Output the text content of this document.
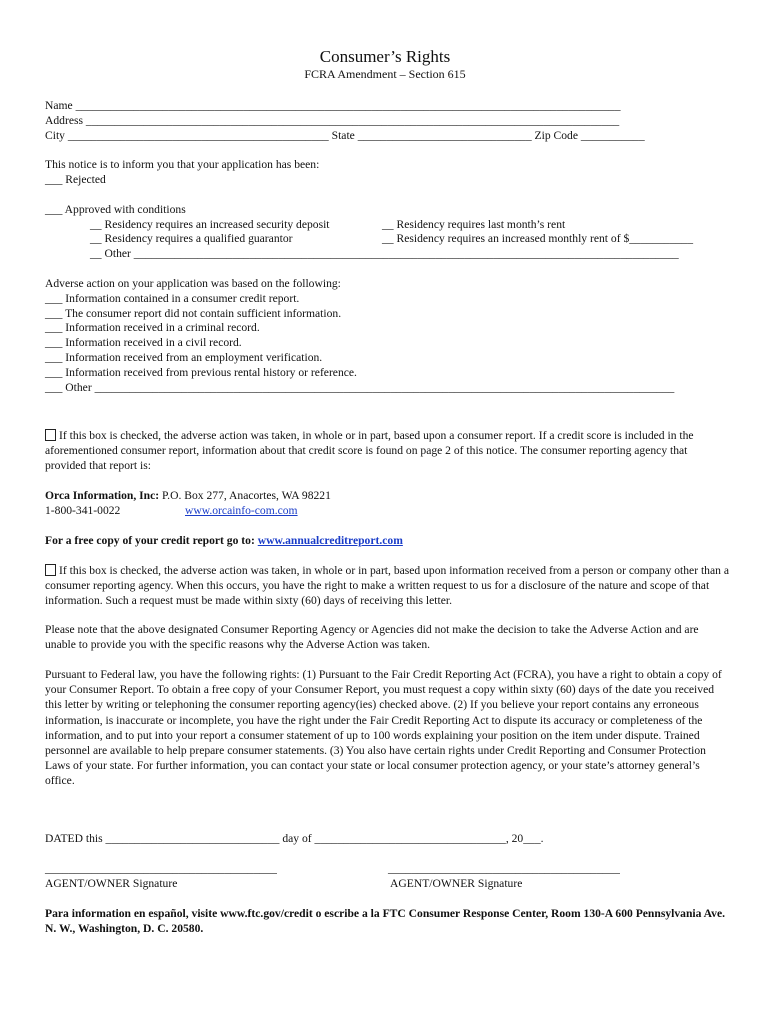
Consumer’s Rights
FCRA Amendment – Section 615
Name ______________________________________________________________________________________________
Address ____________________________________________________________________________________________
City _____________________________________________ State ______________________________ Zip Code ___________
This notice is to inform you that your application has been:
___ Rejected
___ Approved with conditions
__ Residency requires an increased security deposit	__ Residency requires last month’s rent
__ Residency requires a qualified guarantor	__ Residency requires an increased monthly rent of $___________
__ Other ______________________________________________________________________________________________
Adverse action on your application was based on the following:
___ Information contained in a consumer credit report.
___ The consumer report did not contain sufficient information.
___ Information received in a criminal record.
___ Information received in a civil record.
___ Information received from an employment verification.
___ Information received from previous rental history or reference.
___ Other ____________________________________________________________________________________________________
If this box is checked, the adverse action was taken, in whole or in part, based upon a consumer report. If a credit score is included in the aforementioned consumer report, information about that credit score is found on page 2 of this notice. The consumer reporting agency that provided that report is:
Orca Information, Inc: P.O. Box 277, Anacortes, WA 98221
1-800-341-0022	www.orcainfo-com.com
For a free copy of your credit report go to: www.annualcreditreport.com
If this box is checked, the adverse action was taken, in whole or in part, based upon information received from a person or company other than a consumer reporting agency. When this occurs, you have the right to make a written request to us for a disclosure of the nature and scope of that information. Such a request must be made within sixty (60) days of receiving this letter.
Please note that the above designated Consumer Reporting Agency or Agencies did not make the decision to take the Adverse Action and are unable to provide you with the specific reasons why the Adverse Action was taken.
Pursuant to Federal law, you have the following rights: (1) Pursuant to the Fair Credit Reporting Act (FCRA), you have a right to obtain a copy of your Consumer Report. To obtain a free copy of your Consumer Report, you must request a copy within sixty (60) days of the date you received this letter by writing or telephoning the consumer reporting agency(ies) checked above. (2) If you believe your report contains any erroneous information, is inaccurate or incomplete, you have the right under the Fair Credit Reporting Act to dispute its accuracy or completeness of the information, and to put into your report a consumer statement of up to 100 words explaining your position on the item under dispute. Trained personnel are available to help prepare consumer statements. (3) You also have certain rights under Credit Reporting and Consumer Protection Laws of your state. For further information, you can contact your state or local consumer protection agency, or your state’s attorney general’s office.
DATED this ______________________________ day of _________________________________, 20___.
________________________________________	________________________________________
AGENT/OWNER Signature	AGENT/OWNER Signature
Para information en español, visite www.ftc.gov/credit o escribe a la FTC Consumer Response Center, Room 130-A 600 Pennsylvania Ave. N. W., Washington, D. C. 20580.
